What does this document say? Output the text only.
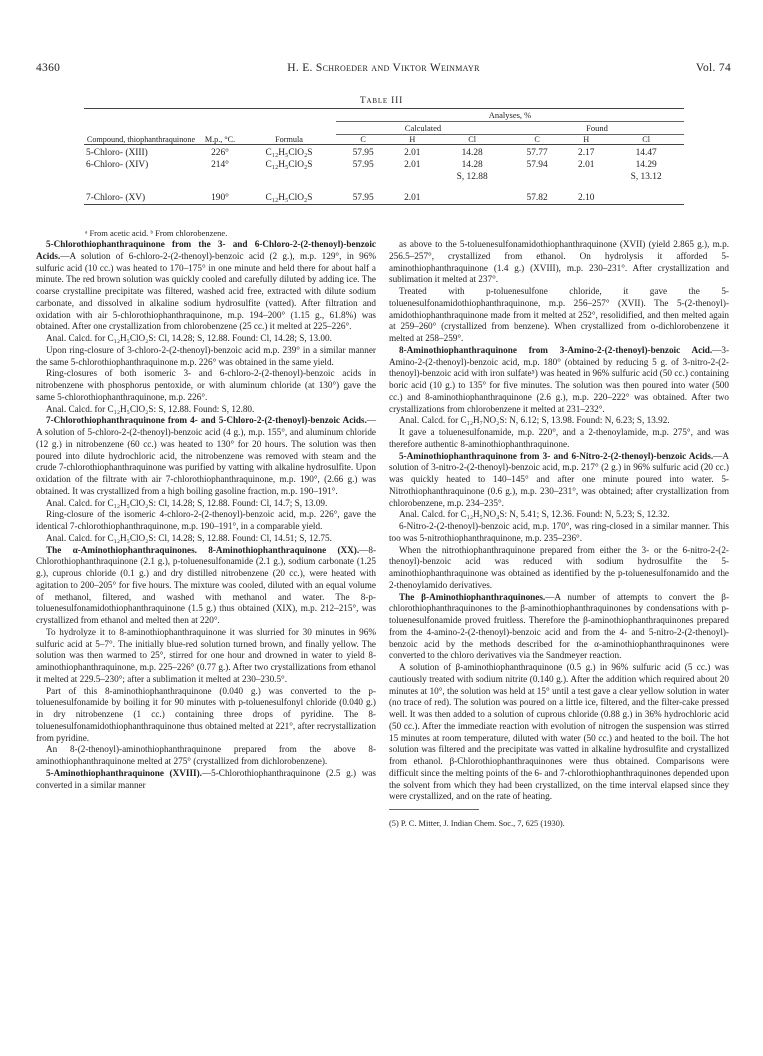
4360	H. E. Schroeder and Viktor Weinmayr	Vol. 74
Table III
			Analyses, %					
			Calculated			Found		
Compound, thiophanthraquinone	M.p., °C.	Formula	C	H	Cl	C	H	Cl
5-Chloro- (XIII)	226°	C₁₂H₅ClO₂S	57.95	2.01	14.28	57.77	2.17	14.47
6-Chloro- (XIV)	214°	C₁₂H₅ClO₂S	57.95	2.01	14.28	57.94	2.01	14.29
					S, 12.88			S, 13.12
7-Chloro- (XV)	190°	C₁₂H₅ClO₂S	57.95	2.01		57.82	2.10	
ᵃ From acetic acid. ᵇ From chlorobenzene.

5-Chlorothiophanthraquinone from the 3- and 6-Chloro-2-(2-thenoyl)-benzoic Acids.—A solution of 6-chloro-2-(2-thenoyl)-benzoic acid (2 g.), m.p. 129°, in 96% sulfuric acid (10 cc.) was heated to 170–175° in one minute and held there for about half a minute. The red brown solution was quickly cooled and carefully diluted by adding ice. The coarse crystalline precipitate was filtered, washed acid free, extracted with dilute sodium carbonate, and dissolved in alkaline sodium hydrosulfite (vatted). After filtration and oxidation with air 5-chlorothiophanthraquinone, m.p. 194–200° (1.15 g., 61.8%) was obtained. After one crystallization from chlorobenzene (25 cc.) it melted at 225–226°.

Anal. Calcd. for C₁₂H₅ClO₂S: Cl, 14.28; S, 12.88. Found: Cl, 14.28; S, 13.00.

Upon ring-closure of 3-chloro-2-(2-thenoyl)-benzoic acid m.p. 239° in a similar manner the same 5-chlorothiophanthraquinone m.p. 226° was obtained in the same yield.

Ring-closures of both isomeric 3- and 6-chloro-2-(2-thenoyl)-benzoic acids in nitrobenzene with phosphorus pentoxide, or with aluminum chloride (at 130°) gave the same 5-chlorothiophanthraquinone, m.p. 226°.

Anal. Calcd. for C₁₂H₅ClO₂S: S, 12.88. Found: S, 12.80.

7-Chlorothiophanthraquinone from 4- and 5-Chloro-2-(2-thenoyl)-benzoic Acids.—A solution of 5-chloro-2-(2-thenoyl)-benzoic acid (4 g.), m.p. 155°, and aluminum chloride (12 g.) in nitrobenzene (60 cc.) was heated to 130° for 20 hours. The solution was then poured into dilute hydrochloric acid, the nitrobenzene was removed with steam and the crude 7-chlorothiophanthraquinone was purified by vatting with alkaline hydrosulfite. Upon oxidation of the filtrate with air 7-chlorothiophanthraquinone, m.p. 190°, (2.66 g.) was obtained. It was crystallized from a high boiling gasoline fraction, m.p. 190–191°.

Anal. Calcd. for C₁₂H₅ClO₂S: Cl, 14.28; S, 12.88. Found: Cl, 14.7; S, 13.09.

Ring-closure of the isomeric 4-chloro-2-(2-thenoyl)-benzoic acid, m.p. 226°, gave the identical 7-chlorothiophanthraquinone, m.p. 190–191°, in a comparable yield.

Anal. Calcd. for C₁₂H₅ClO₂S: Cl, 14.28; S, 12.88. Found: Cl, 14.51; S, 12.75.

The α-Aminothiophanthraquinones. 8-Aminothiophanthraquinone (XX).—8-Chlorothiophanthraquinone (2.1 g.), p-toluenesulfonamide (2.1 g.), sodium carbonate (1.25 g.), cuprous chloride (0.1 g.) and dry distilled nitrobenzene (20 cc.), were heated with agitation to 200–205° for five hours. The mixture was cooled, diluted with an equal volume of methanol, filtered, and washed with methanol and water. The 8-p-toluenesulfonamidothiophanthraquinone (1.5 g.) thus obtained (XIX), m.p. 212–215°, was crystallized from ethanol and melted then at 220°.

To hydrolyze it to 8-aminothiophanthraquinone it was slurried for 30 minutes in 96% sulfuric acid at 5–7°. The initially blue-red solution turned brown, and finally yellow. The solution was then warmed to 25°, stirred for one hour and drowned in water to yield 8-aminothiophanthraquinone, m.p. 225–226° (0.77 g.). After two crystallizations from ethanol it melted at 229.5–230°; after a sublimation it melted at 230–230.5°.

Part of this 8-aminothiophanthraquinone (0.040 g.) was converted to the p-toluenesulfonamide by boiling it for 90 minutes with p-toluenesulfonyl chloride (0.040 g.) in dry nitrobenzene (1 cc.) containing three drops of pyridine. The 8-toluenesulfonamidothiophanthraquinone thus obtained melted at 221°, after recrystallization from pyridine.

An 8-(2-thenoyl)-aminothiophanthraquinone prepared from the above 8-aminothiophanthraquinone melted at 275° (crystallized from dichlorobenzene).

5-Aminothiophanthraquinone (XVIII).—5-Chlorothiophanthraquinone (2.5 g.) was converted in a similar manner

as above to the 5-toluenesulfonamidothiophanthraquinone (XVII) (yield 2.865 g.), m.p. 256.5–257°, crystallized from ethanol. On hydrolysis it afforded 5-aminothiophanthraquinone (1.4 g.) (XVIII), m.p. 230–231°. After crystallization and sublimation it melted at 237°.

Treated with p-toluenesulfone chloride, it gave the 5-toluenesulfonamidothiophanthraquinone, m.p. 256–257° (XVII). The 5-(2-thenoyl)-amidothiophanthraquinone made from it melted at 252°, resolidified, and then melted again at 259–260° (crystallized from benzene). When crystallized from o-dichlorobenzene it melted at 258–259°.

8-Aminothiophanthraquinone from 3-Amino-2-(2-thenoyl)-benzoic Acid.—3-Amino-2-(2-thenoyl)-benzoic acid, m.p. 180° (obtained by reducing 5 g. of 3-nitro-2-(2-thenoyl)-benzoic acid with iron sulfate⁵) was heated in 96% sulfuric acid (50 cc.) containing boric acid (10 g.) to 135° for five minutes. The solution was then poured into water (500 cc.) and 8-aminothiophanthraquinone (2.6 g.), m.p. 220–222° was obtained. After two crystallizations from chlorobenzene it melted at 231–232°.

Anal. Calcd. for C₁₂H₇NO₂S: N, 6.12; S, 13.98. Found: N, 6.23; S, 13.92.

It gave a toluenesulfonamide, m.p. 220°, and a 2-thenoylamide, m.p. 275°, and was therefore authentic 8-aminothiophanthraquinone.

5-Aminothiophanthraquinone from 3- and 6-Nitro-2-(2-thenoyl)-benzoic Acids.—A solution of 3-nitro-2-(2-thenoyl)-benzoic acid, m.p. 217° (2 g.) in 96% sulfuric acid (20 cc.) was quickly heated to 140–145° and after one minute poured into water. 5-Nitrothiophanthraquinone (0.6 g.), m.p. 230–231°, was obtained; after crystallization from chlorobenzene, m.p. 234–235°.

Anal. Calcd. for C₁₂H₅NO₄S: N, 5.41; S, 12.36. Found: N, 5.23; S, 12.32.

6-Nitro-2-(2-thenoyl)-benzoic acid, m.p. 170°, was ring-closed in a similar manner. This too was 5-nitrothiophanthraquinone, m.p. 235–236°.

When the nitrothiophanthraquinone prepared from either the 3- or the 6-nitro-2-(2-thenoyl)-benzoic acid was reduced with sodium hydrosulfite the 5-aminothiophanthraquinone was obtained as identified by the p-toluenesulfonamido and the 2-thenoylamido derivatives.

The β-Aminothiophanthraquinones.—A number of attempts to convert the β-chlorothiophanthraquinones to the β-aminothiophanthraquinones by condensations with p-toluenesulfonamide proved fruitless. Therefore the β-aminothiophanthraquinones prepared from the 4-amino-2-(2-thenoyl)-benzoic acid and from the 4- and 5-nitro-2-(2-thenoyl)-benzoic acid by the methods described for the α-aminothiophanthraquinones were converted to the chloro derivatives via the Sandmeyer reaction.

A solution of β-aminothiophanthraquinone (0.5 g.) in 96% sulfuric acid (5 cc.) was cautiously treated with sodium nitrite (0.140 g.). After the addition which required about 20 minutes at 10°, the solution was held at 15° until a test gave a clear yellow solution in water (no trace of red). The solution was poured on a little ice, filtered, and the filter-cake pressed well. It was then added to a solution of cuprous chloride (0.88 g.) in 36% hydrochloric acid (50 cc.). After the immediate reaction with evolution of nitrogen the suspension was stirred 15 minutes at room temperature, diluted with water (50 cc.) and heated to the boil. The hot solution was filtered and the precipitate was vatted in alkaline hydrosulfite and crystallized from ethanol. β-Chlorothiophanthraquinones were thus obtained. Comparisons were difficult since the melting points of the 6- and 7-chlorothiophanthraquinones depended upon the solvent from which they had been crystallized, on the time interval elapsed since they were crystallized, and on the rate of heating.

(5) P. C. Mitter, J. Indian Chem. Soc., 7, 625 (1930).
